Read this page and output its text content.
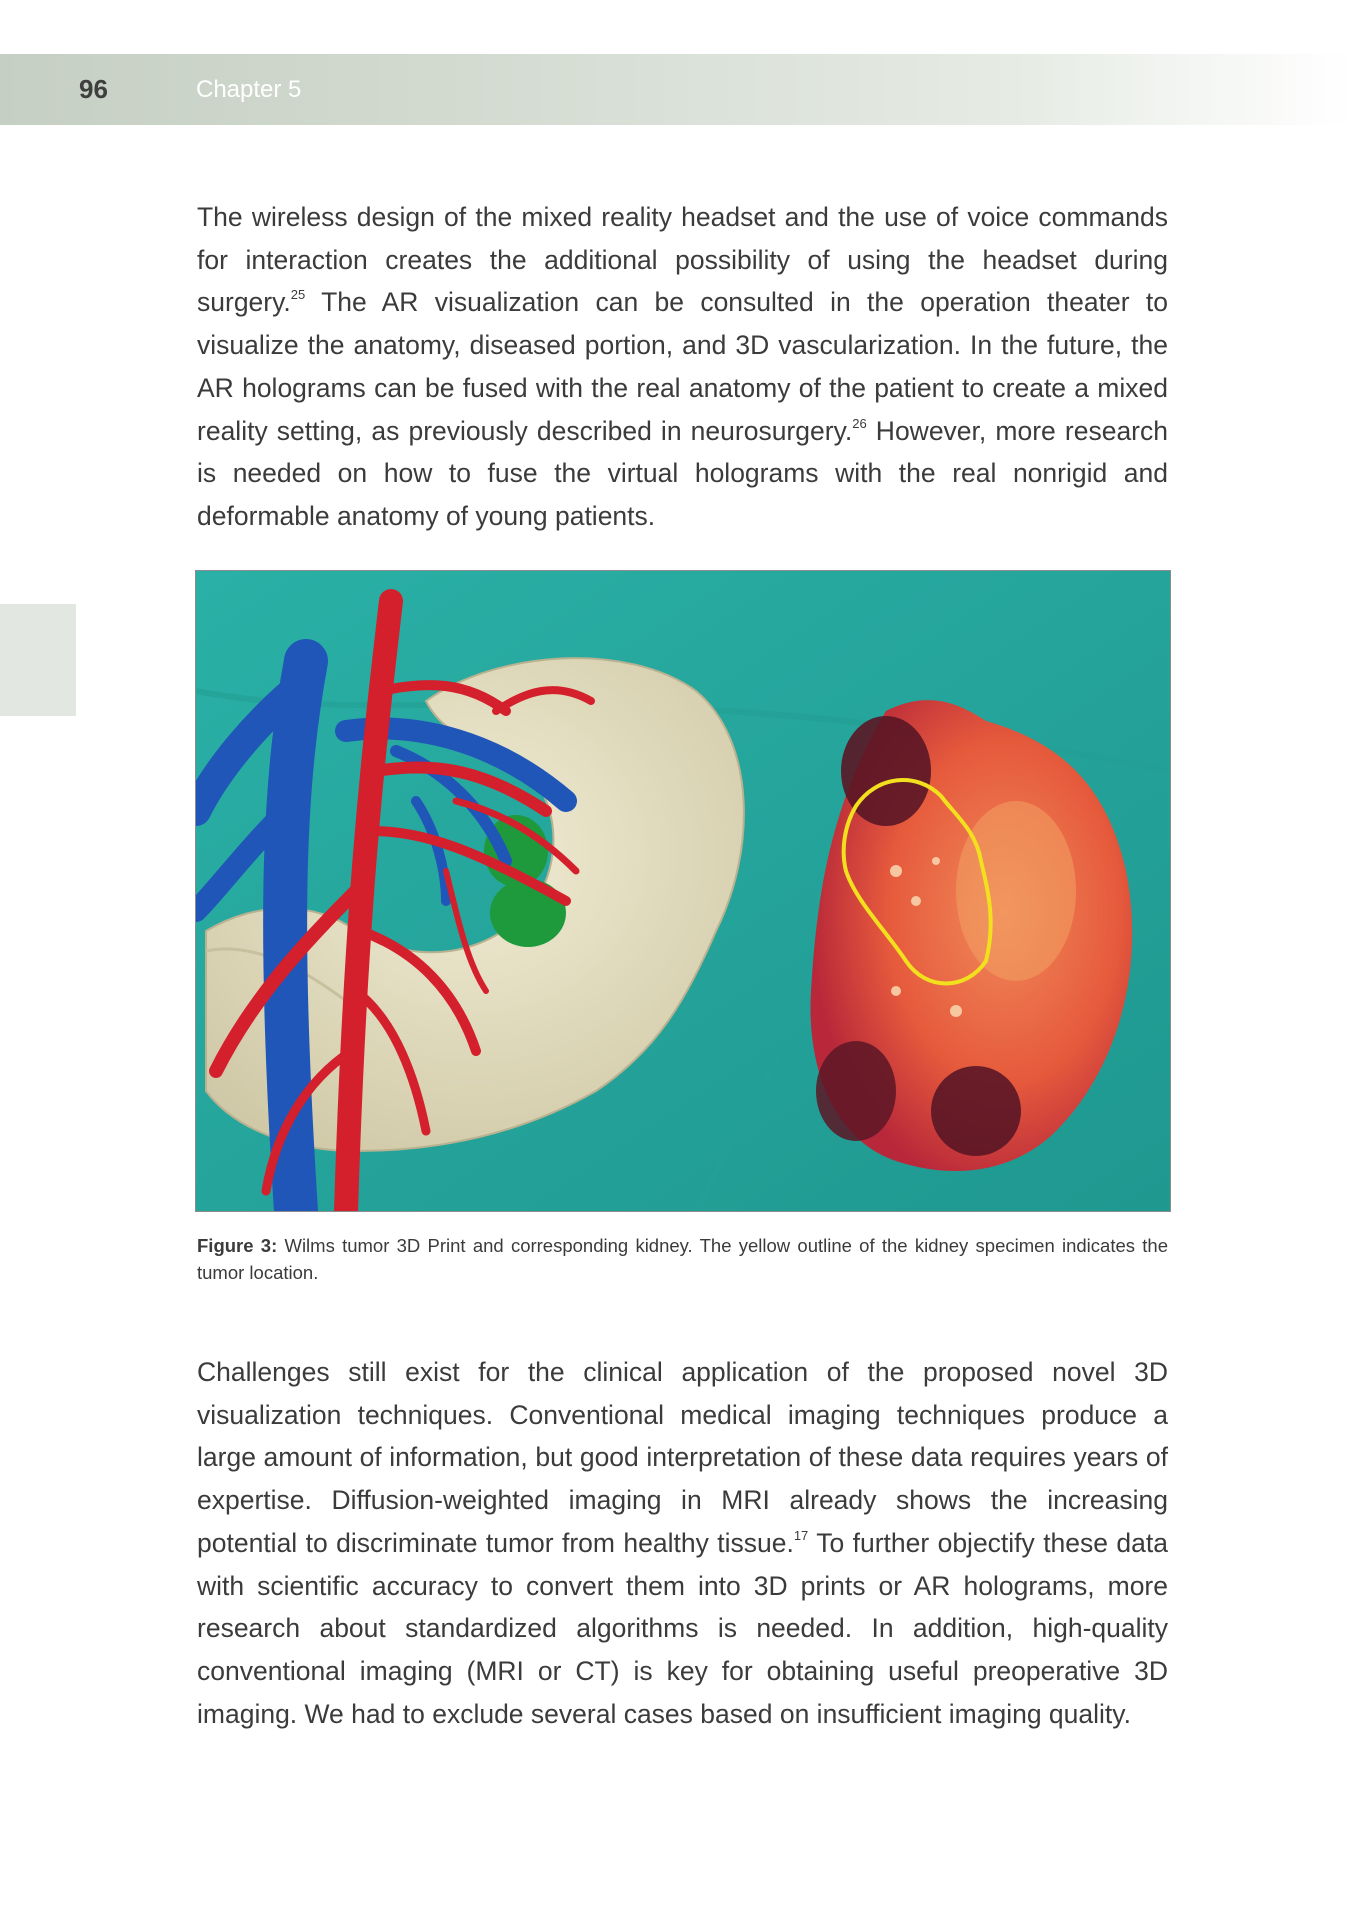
96	Chapter 5

The wireless design of the mixed reality headset and the use of voice commands for interaction creates the additional possibility of using the headset during surgery.$^{25}$ The AR visualization can be consulted in the operation theater to visualize the anatomy, diseased portion, and 3D vascularization. In the future, the AR holograms can be fused with the real anatomy of the patient to create a mixed reality setting, as previously described in neurosurgery.$^{26}$ However, more research is needed on how to fuse the virtual holograms with the real nonrigid and deformable anatomy of young patients.

Figure 3: Wilms tumor 3D Print and corresponding kidney. The yellow outline of the kidney specimen indicates the tumor location.

Challenges still exist for the clinical application of the proposed novel 3D visualization techniques. Conventional medical imaging techniques produce a large amount of information, but good interpretation of these data requires years of expertise. Diffusion-weighted imaging in MRI already shows the increasing potential to discriminate tumor from healthy tissue.$^{17}$ To further objectify these data with scientific accuracy to convert them into 3D prints or AR holograms, more research about standardized algorithms is needed. In addition, high-quality conventional imaging (MRI or CT) is key for obtaining useful preoperative 3D imaging. We had to exclude several cases based on insufficient imaging quality.
